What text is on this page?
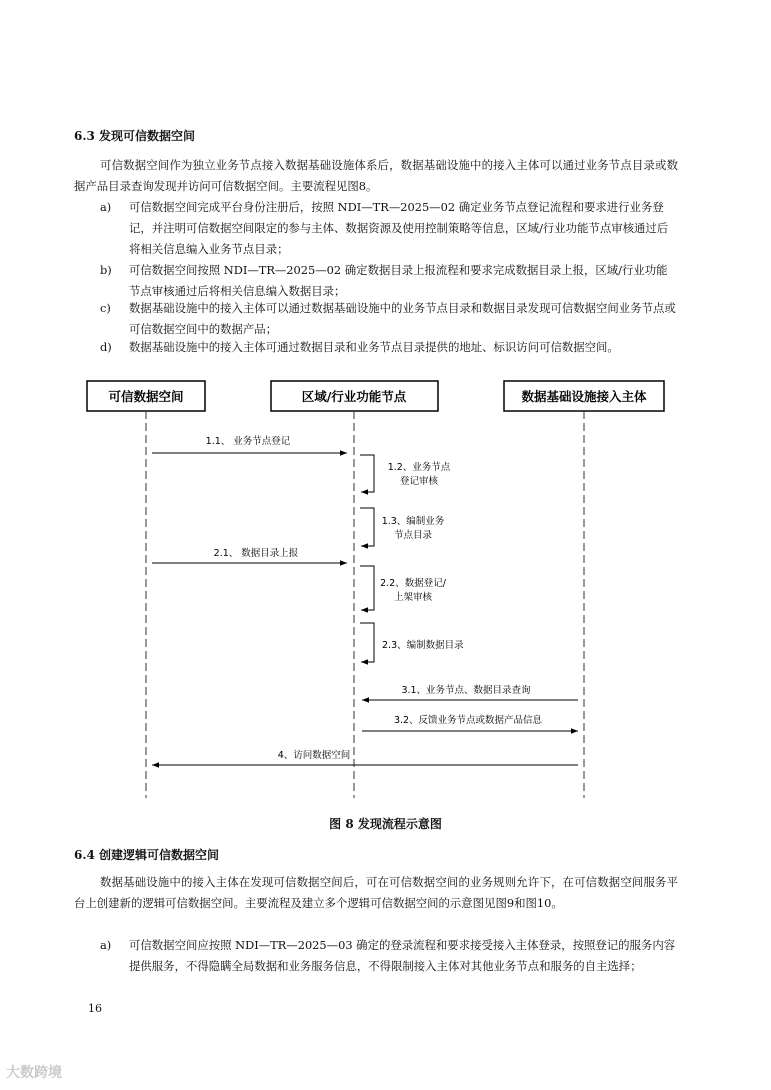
6.3 发现可信数据空间
可信数据空间作为独立业务节点接入数据基础设施体系后，数据基础设施中的接入主体可以通过业务节点目录或数据产品目录查询发现并访问可信数据空间。主要流程见图8。
a) 可信数据空间完成平台身份注册后，按照 NDI—TR—2025—02 确定业务节点登记流程和要求进行业务登记，并注明可信数据空间限定的参与主体、数据资源及使用控制策略等信息，区域/行业功能节点审核通过后将相关信息编入业务节点目录；
b) 可信数据空间按照 NDI—TR—2025—02 确定数据目录上报流程和要求完成数据目录上报，区域/行业功能节点审核通过后将相关信息编入数据目录；
c) 数据基础设施中的接入主体可以通过数据基础设施中的业务节点目录和数据目录发现可信数据空间业务节点或可信数据空间中的数据产品；
d) 数据基础设施中的接入主体可通过数据目录和业务节点目录提供的地址、标识访问可信数据空间。
可信数据空间	区域/行业功能节点	数据基础设施接入主体
1.1、 业务节点登记
1.2、业务节点
登记审核
1.3、编制业务
节点目录
2.1、 数据目录上报
2.2、数据登记/
上架审核
2.3、编制数据目录
3.1、业务节点、数据目录查询
3.2、反馈业务节点或数据产品信息
4、访问数据空间
图 8 发现流程示意图
6.4 创建逻辑可信数据空间
数据基础设施中的接入主体在发现可信数据空间后，可在可信数据空间的业务规则允许下，在可信数据空间服务平台上创建新的逻辑可信数据空间。主要流程及建立多个逻辑可信数据空间的示意图见图9和图10。
a) 可信数据空间应按照 NDI—TR—2025—03 确定的登录流程和要求接受接入主体登录，按照登记的服务内容提供服务，不得隐瞒全局数据和业务服务信息，不得限制接入主体对其他业务节点和服务的自主选择；
16
大数跨境
